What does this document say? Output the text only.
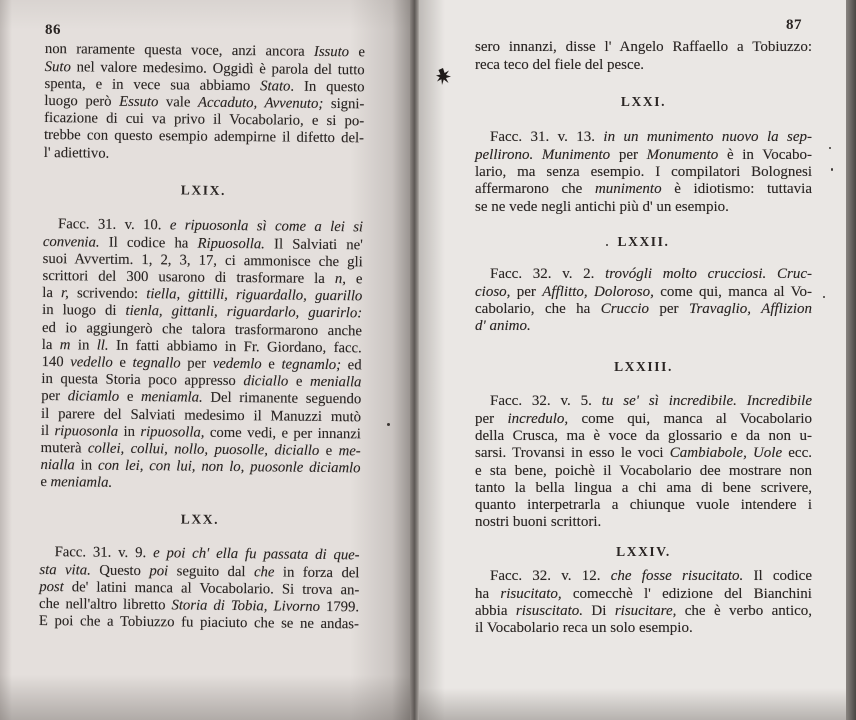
86
non raramente questa voce, anzi ancora Issuto e
Suto nel valore medesimo. Oggidì è parola del tutto
spenta, e in vece sua abbiamo Stato. In questo
luogo però Essuto vale Accaduto, Avvenuto; signi-
ficazione di cui va privo il Vocabolario, e si po-
trebbe con questo esempio adempirne il difetto del-
l' adiettivo.
LXIX.
Facc. 31. v. 10. e ripuosonla sì come a lei si
convenia. Il codice ha Ripuosolla. Il Salviati ne'
suoi Avvertim. 1, 2, 3, 17, ci ammonisce che gli
scrittori del 300 usarono di trasformare la n, e
la r, scrivendo: tiella, gittilli, riguardallo, guarillo
in luogo di tienla, gittanli, riguardarlo, guarirlo:
ed io aggiungerò che talora trasformarono anche
la m in ll. In fatti abbiamo in Fr. Giordano, facc.
140 vedello e tegnallo per vedemlo e tegnamlo; ed
in questa Storia poco appresso diciallo e menialla
per diciamlo e meniamla. Del rimanente seguendo
il parere del Salviati medesimo il Manuzzi mutò
il ripuosonla in ripuosolla, come vedi, e per innanzi
muterà collei, collui, nollo, puosolle, diciallo e me-
nialla in con lei, con lui, non lo, puosonle diciamlo
e meniamla.
LXX.
Facc. 31. v. 9. e poi ch' ella fu passata di que-
sta vita. Questo poi seguito dal che in forza del
post de' latini manca al Vocabolario. Si trova an-
che nell'altro libretto Storia di Tobia, Livorno 1799.
E poi che a Tobiuzzo fu piaciuto che se ne andas-
87
sero innanzi, disse l' Angelo Raffaello a Tobiuzzo:
reca teco del fiele del pesce.
LXXI.
Facc. 31. v. 13. in un munimento nuovo la sep-
pellirono. Munimento per Monumento è in Vocabo-
lario, ma senza esempio. I compilatori Bolognesi
affermarono che munimento è idiotismo: tuttavia
se ne vede negli antichi più d' un esempio.
LXXII.
Facc. 32. v. 2. trovógli molto crucciosi. Cruc-
cioso, per Afflitto, Doloroso, come qui, manca al Vo-
cabolario, che ha Cruccio per Travaglio, Afflizion
d' animo.
LXXIII.
Facc. 32. v. 5. tu se' sì incredibile. Incredibile
per incredulo, come qui, manca al Vocabolario
della Crusca, ma è voce da glossario e da non u-
sarsi. Trovansi in esso le voci Cambiabole, Uole ecc.
e sta bene, poichè il Vocabolario dee mostrare non
tanto la bella lingua a chi ama di bene scrivere,
quanto interpetrarla a chiunque vuole intendere i
nostri buoni scrittori.
LXXIV.
Facc. 32. v. 12. che fosse risucitato. Il codice
ha risucitato, comecchè l' edizione del Bianchini
abbia risuscitato. Di risucitare, che è verbo antico,
il Vocabolario reca un solo esempio.
